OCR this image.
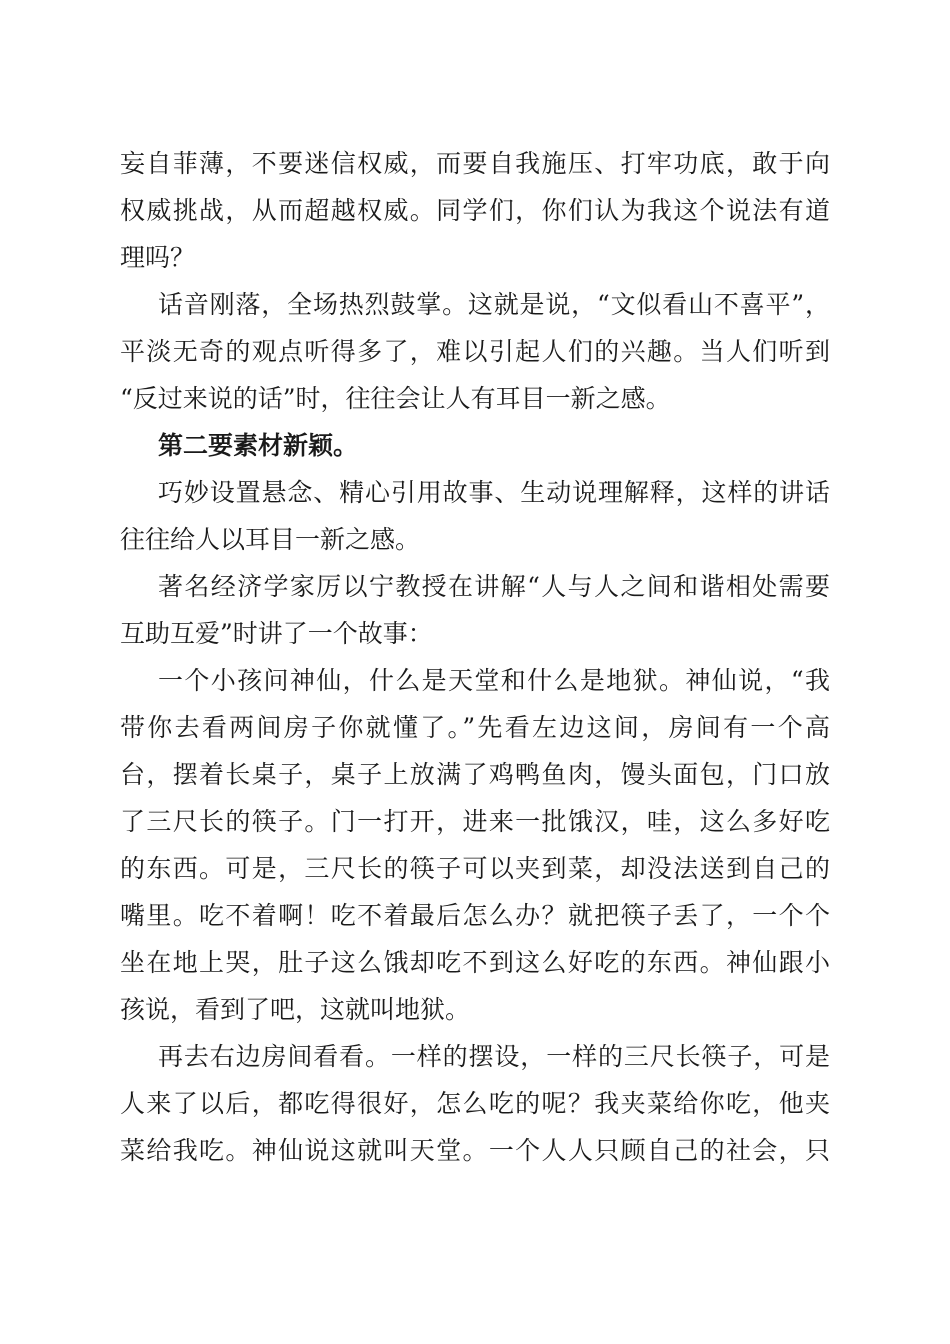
妄自菲薄，不要迷信权威，而要自我施压、打牢功底，敢于向
权威挑战，从而超越权威。同学们，你们认为我这个说法有道
理吗？
话音刚落，全场热烈鼓掌。这就是说，“文似看山不喜平”，
平淡无奇的观点听得多了，难以引起人们的兴趣。当人们听到
“反过来说的话”时，往往会让人有耳目一新之感。
第二要素材新颖。
巧妙设置悬念、精心引用故事、生动说理解释，这样的讲话
往往给人以耳目一新之感。
著名经济学家厉以宁教授在讲解“人与人之间和谐相处需要
互助互爱”时讲了一个故事：
一个小孩问神仙，什么是天堂和什么是地狱。神仙说，“我
带你去看两间房子你就懂了。”先看左边这间，房间有一个高
台，摆着长桌子，桌子上放满了鸡鸭鱼肉，馒头面包，门口放
了三尺长的筷子。门一打开，进来一批饿汉，哇，这么多好吃
的东西。可是，三尺长的筷子可以夹到菜，却没法送到自己的
嘴里。吃不着啊！吃不着最后怎么办？就把筷子丢了，一个个
坐在地上哭，肚子这么饿却吃不到这么好吃的东西。神仙跟小
孩说，看到了吧，这就叫地狱。
再去右边房间看看。一样的摆设，一样的三尺长筷子，可是
人来了以后，都吃得很好，怎么吃的呢？我夹菜给你吃，他夹
菜给我吃。神仙说这就叫天堂。一个人人只顾自己的社会，只
